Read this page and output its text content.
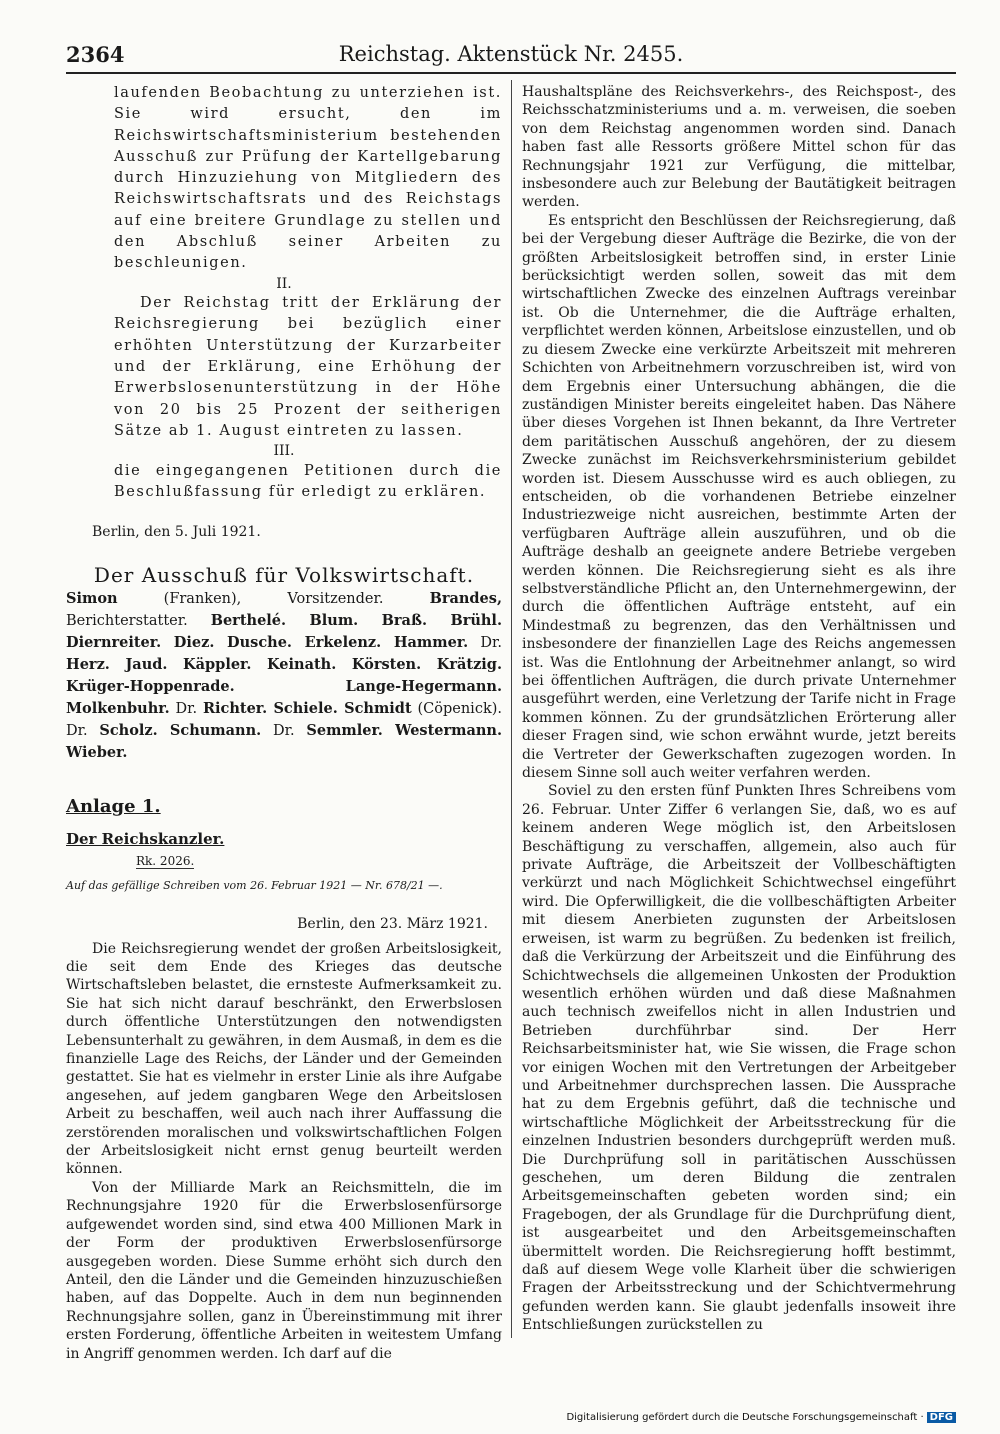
2364	Reichstag. Aktenstück Nr. 2455.

laufenden Beobachtung zu unterziehen ist. Sie wird ersucht, den im Reichswirtschaftsministerium bestehenden Ausschuß zur Prüfung der Kartellgebarung durch Hinzuziehung von Mitgliedern des Reichswirtschaftsrats und des Reichstags auf eine breitere Grundlage zu stellen und den Abschluß seiner Arbeiten zu beschleunigen.

II.

Der Reichstag tritt der Erklärung der Reichsregierung bei bezüglich einer erhöhten Unterstützung der Kurzarbeiter und der Erklärung, eine Erhöhung der Erwerbslosenunterstützung in der Höhe von 20 bis 25 Prozent der seitherigen Sätze ab 1. August eintreten zu lassen.

III.

die eingegangenen Petitionen durch die Beschlußfassung für erledigt zu erklären.

Berlin, den 5. Juli 1921.

Der Ausschuß für Volkswirtschaft.

Simon (Franken), Vorsitzender. Brandes, Berichterstatter. Berthelé. Blum. Braß. Brühl. Diernreiter. Diez. Dusche. Erkelenz. Hammer. Dr. Herz. Jaud. Käppler. Keinath. Körsten. Krätzig. Krüger-Hoppenrade. Lange-Hegermann. Molkenbuhr. Dr. Richter. Schiele. Schmidt (Cöpenick). Dr. Scholz. Schumann. Dr. Semmler. Westermann. Wieber.

Anlage 1.

Der Reichskanzler.

Rk. 2026.

Auf das gefällige Schreiben vom 26. Februar 1921 — Nr. 678/21 —.

Berlin, den 23. März 1921.

Die Reichsregierung wendet der großen Arbeitslosigkeit, die seit dem Ende des Krieges das deutsche Wirtschaftsleben belastet, die ernsteste Aufmerksamkeit zu. Sie hat sich nicht darauf beschränkt, den Erwerbslosen durch öffentliche Unterstützungen den notwendigsten Lebensunterhalt zu gewähren, in dem Ausmaß, in dem es die finanzielle Lage des Reichs, der Länder und der Gemeinden gestattet. Sie hat es vielmehr in erster Linie als ihre Aufgabe angesehen, auf jedem gangbaren Wege den Arbeitslosen Arbeit zu beschaffen, weil auch nach ihrer Auffassung die zerstörenden moralischen und volkswirtschaftlichen Folgen der Arbeitslosigkeit nicht ernst genug beurteilt werden können.

Von der Milliarde Mark an Reichsmitteln, die im Rechnungsjahre 1920 für die Erwerbslosenfürsorge aufgewendet worden sind, sind etwa 400 Millionen Mark in der Form der produktiven Erwerbslosenfürsorge ausgegeben worden. Diese Summe erhöht sich durch den Anteil, den die Länder und die Gemeinden hinzuzuschießen haben, auf das Doppelte. Auch in dem nun beginnenden Rechnungsjahre sollen, ganz in Übereinstimmung mit ihrer ersten Forderung, öffentliche Arbeiten in weitestem Umfang in Angriff genommen werden. Ich darf auf die

Haushaltspläne des Reichsverkehrs-, des Reichspost-, des Reichsschatzministeriums und a. m. verweisen, die soeben von dem Reichstag angenommen worden sind. Danach haben fast alle Ressorts größere Mittel schon für das Rechnungsjahr 1921 zur Verfügung, die mittelbar, insbesondere auch zur Belebung der Bautätigkeit beitragen werden.

Es entspricht den Beschlüssen der Reichsregierung, daß bei der Vergebung dieser Aufträge die Bezirke, die von der größten Arbeitslosigkeit betroffen sind, in erster Linie berücksichtigt werden sollen, soweit das mit dem wirtschaftlichen Zwecke des einzelnen Auftrags vereinbar ist. Ob die Unternehmer, die die Aufträge erhalten, verpflichtet werden können, Arbeitslose einzustellen, und ob zu diesem Zwecke eine verkürzte Arbeitszeit mit mehreren Schichten von Arbeitnehmern vorzuschreiben ist, wird von dem Ergebnis einer Untersuchung abhängen, die die zuständigen Minister bereits eingeleitet haben. Das Nähere über dieses Vorgehen ist Ihnen bekannt, da Ihre Vertreter dem paritätischen Ausschuß angehören, der zu diesem Zwecke zunächst im Reichsverkehrsministerium gebildet worden ist. Diesem Ausschusse wird es auch obliegen, zu entscheiden, ob die vorhandenen Betriebe einzelner Industriezweige nicht ausreichen, bestimmte Arten der verfügbaren Aufträge allein auszuführen, und ob die Aufträge deshalb an geeignete andere Betriebe vergeben werden können. Die Reichsregierung sieht es als ihre selbstverständliche Pflicht an, den Unternehmergewinn, der durch die öffentlichen Aufträge entsteht, auf ein Mindestmaß zu begrenzen, das den Verhältnissen und insbesondere der finanziellen Lage des Reichs angemessen ist. Was die Entlohnung der Arbeitnehmer anlangt, so wird bei öffentlichen Aufträgen, die durch private Unternehmer ausgeführt werden, eine Verletzung der Tarife nicht in Frage kommen können. Zu der grundsätzlichen Erörterung aller dieser Fragen sind, wie schon erwähnt wurde, jetzt bereits die Vertreter der Gewerkschaften zugezogen worden. In diesem Sinne soll auch weiter verfahren werden.

Soviel zu den ersten fünf Punkten Ihres Schreibens vom 26. Februar. Unter Ziffer 6 verlangen Sie, daß, wo es auf keinem anderen Wege möglich ist, den Arbeitslosen Beschäftigung zu verschaffen, allgemein, also auch für private Aufträge, die Arbeitszeit der Vollbeschäftigten verkürzt und nach Möglichkeit Schichtwechsel eingeführt wird. Die Opferwilligkeit, die die vollbeschäftigten Arbeiter mit diesem Anerbieten zugunsten der Arbeitslosen erweisen, ist warm zu begrüßen. Zu bedenken ist freilich, daß die Verkürzung der Arbeitszeit und die Einführung des Schichtwechsels die allgemeinen Unkosten der Produktion wesentlich erhöhen würden und daß diese Maßnahmen auch technisch zweifellos nicht in allen Industrien und Betrieben durchführbar sind. Der Herr Reichsarbeitsminister hat, wie Sie wissen, die Frage schon vor einigen Wochen mit den Vertretungen der Arbeitgeber und Arbeitnehmer durchsprechen lassen. Die Aussprache hat zu dem Ergebnis geführt, daß die technische und wirtschaftliche Möglichkeit der Arbeitsstreckung für die einzelnen Industrien besonders durchgeprüft werden muß. Die Durchprüfung soll in paritätischen Ausschüssen geschehen, um deren Bildung die zentralen Arbeitsgemeinschaften gebeten worden sind; ein Fragebogen, der als Grundlage für die Durchprüfung dient, ist ausgearbeitet und den Arbeitsgemeinschaften übermittelt worden. Die Reichsregierung hofft bestimmt, daß auf diesem Wege volle Klarheit über die schwierigen Fragen der Arbeitsstreckung und der Schichtvermehrung gefunden werden kann. Sie glaubt jedenfalls insoweit ihre Entschließungen zurückstellen zu

Digitalisierung gefördert durch die Deutsche Forschungsgemeinschaft · DFG
